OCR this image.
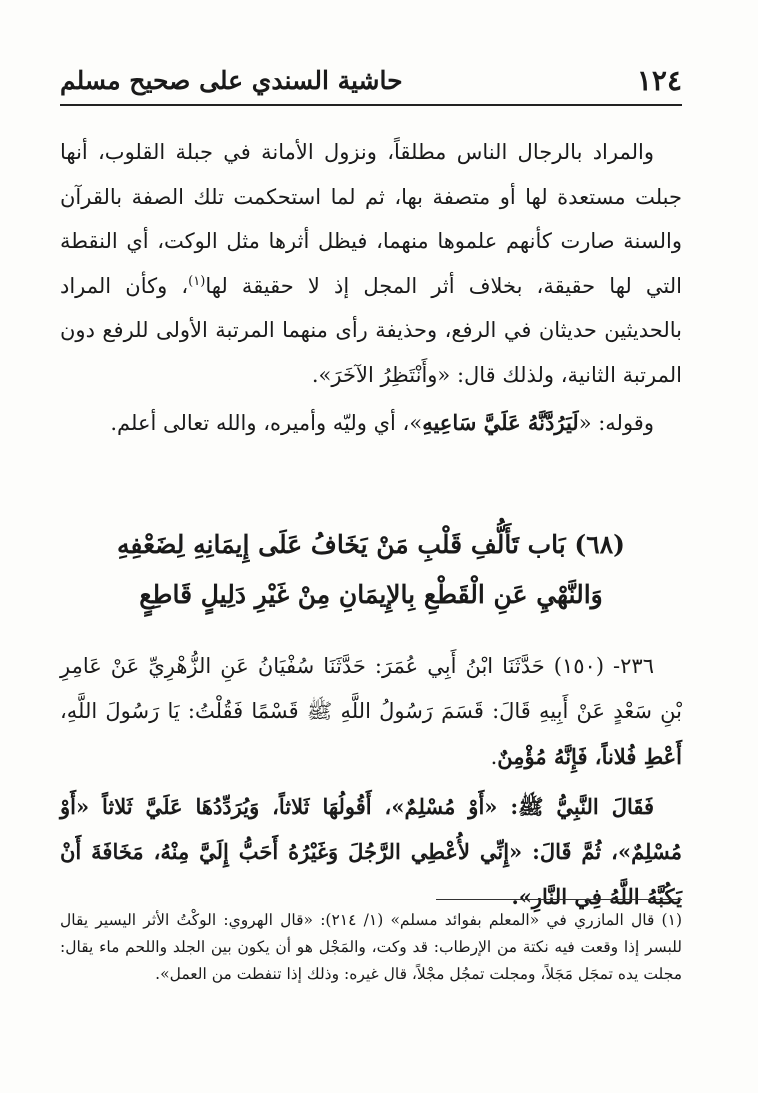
١٢٤
حاشية السندي على صحيح مسلم

والمراد بالرجال الناس مطلقاً، ونزول الأمانة في جبلة القلوب، أنها جبلت مستعدة لها أو متصفة بها، ثم لما استحكمت تلك الصفة بالقرآن والسنة صارت كأنهم علموها منهما، فيظل أثرها مثل الوكت، أي النقطة التي لها حقيقة، بخلاف أثر المجل إذ لا حقيقة لها$^{(١)}$، وكأن المراد بالحديثين حديثان في الرفع، وحذيفة رأى منهما المرتبة الأولى للرفع دون المرتبة الثانية، ولذلك قال: «وأَنْتَظِرُ الآخَرَ».

وقوله: «لَيَرُدَّنَّهُ عَلَيَّ سَاعِيهِ»، أي وليّه وأميره، والله تعالى أعلم.

(٦٨) بَاب تَأَلُّفِ قَلْبِ مَنْ يَخَافُ عَلَى إِيمَانِهِ لِضَعْفِهِ
وَالنَّهْيِ عَنِ الْقَطْعِ بِالإِيمَانِ مِنْ غَيْرِ دَلِيلٍ قَاطِعٍ

٢٣٦- (١٥٠) حَدَّثَنَا ابْنُ أَبِي عُمَرَ: حَدَّثَنَا سُفْيَانُ عَنِ الزُّهْرِيِّ عَنْ عَامِرِ بْنِ سَعْدٍ عَنْ أَبِيهِ قَالَ: قَسَمَ رَسُولُ اللَّهِ ﷺ قَسْمًا فَقُلْتُ: يَا رَسُولَ اللَّهِ، أَعْطِ فُلاناً، فَإِنَّهُ مُؤْمِنٌ.

فَقَالَ النَّبِيُّ ﷺ: «أَوْ مُسْلِمٌ»، أَقُولُهَا ثَلاثاً، وَيُرَدِّدُهَا عَلَيَّ ثَلاثاً «أَوْ مُسْلِمٌ»، ثُمَّ قَالَ: «إِنِّي لأُعْطِي الرَّجُلَ وَغَيْرُهُ أَحَبُّ إِلَيَّ مِنْهُ، مَخَافَةَ أَنْ يَكُبَّهُ اللَّهُ فِي النَّارِ».

(١) قال المازري في «المعلم بفوائد مسلم» (١/ ٢١٤): «قال الهروي: الوكْتُ الأثر اليسير يقال للبسر إذا وقعت فيه نكتة من الإرطاب: قد وكت، والمَجْل هو أن يكون بين الجلد واللحم ماء يقال: مجلت يده تمجَل مَجَلاً، ومجلت تمجُل مجْلاً، قال غيره: وذلك إذا تنفطت من العمل».
